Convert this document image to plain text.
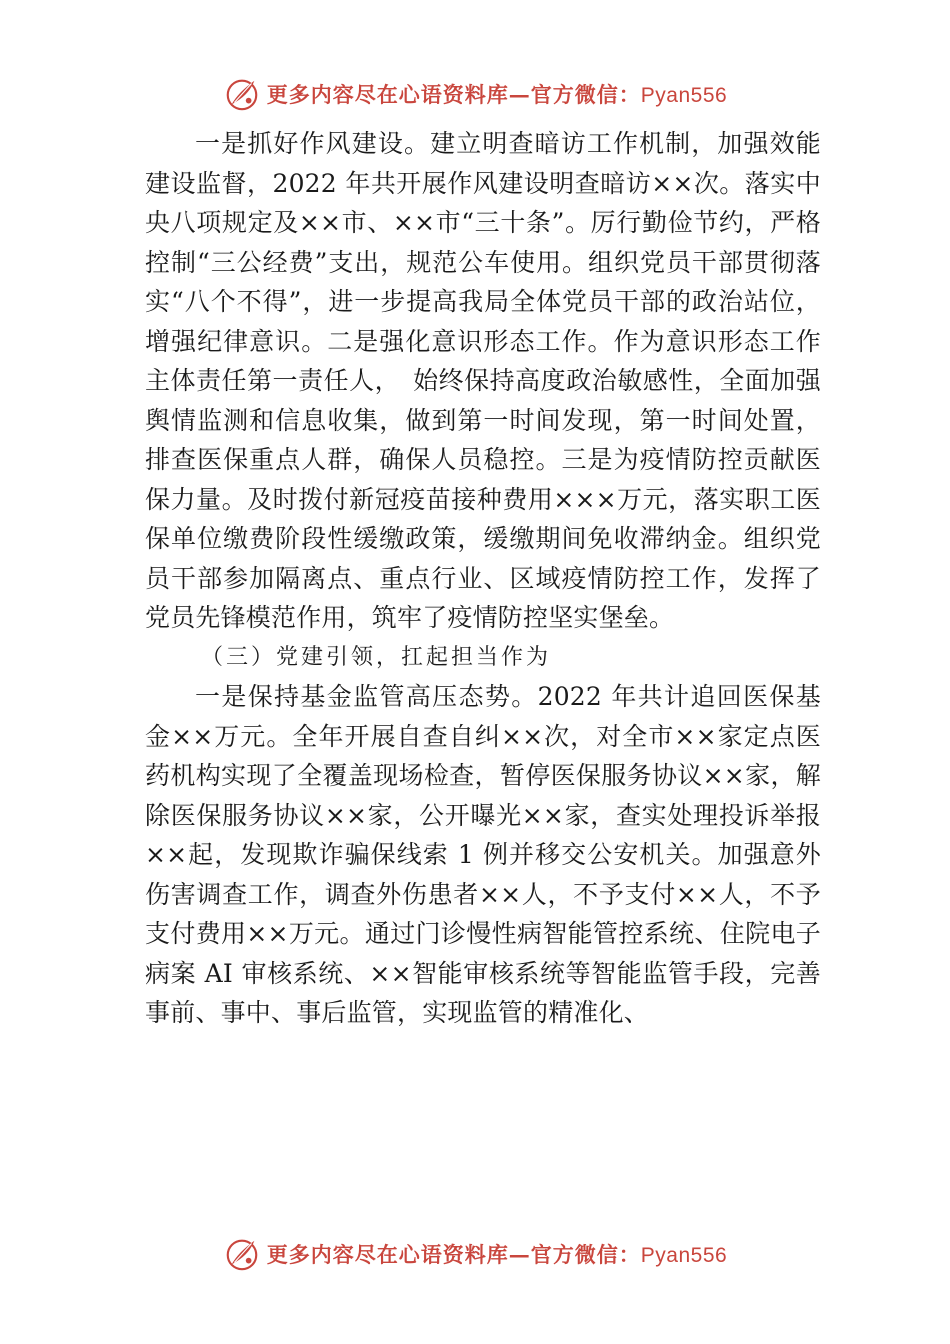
更多内容尽在心语资料库—官方微信：Pyan556

一是抓好作风建设。建立明查暗访工作机制，加强效能建设监督，2022 年共开展作风建设明查暗访××次。落实中央八项规定及××市、××市“三十条”。厉行勤俭节约，严格控制“三公经费”支出，规范公车使用。组织党员干部贯彻落实“八个不得”，进一步提高我局全体党员干部的政治站位，增强纪律意识。二是强化意识形态工作。作为意识形态工作主体责任第一责任人，　始终保持高度政治敏感性，全面加强舆情监测和信息收集，做到第一时间发现，第一时间处置，排查医保重点人群，确保人员稳控。三是为疫情防控贡献医保力量。及时拨付新冠疫苗接种费用×××万元，落实职工医保单位缴费阶段性缓缴政策，缓缴期间免收滞纳金。组织党员干部参加隔离点、重点行业、区域疫情防控工作，发挥了党员先锋模范作用，筑牢了疫情防控坚实堡垒。

（三）党建引领，扛起担当作为

一是保持基金监管高压态势。2022 年共计追回医保基金××万元。全年开展自查自纠××次，对全市××家定点医药机构实现了全覆盖现场检查，暂停医保服务协议××家，解除医保服务协议××家，公开曝光××家，查实处理投诉举报××起，发现欺诈骗保线索 1 例并移交公安机关。加强意外伤害调查工作，调查外伤患者××人，不予支付××人，不予支付费用××万元。通过门诊慢性病智能管控系统、住院电子病案 AI 审核系统、××智能审核系统等智能监管手段，完善事前、事中、事后监管，实现监管的精准化、

更多内容尽在心语资料库—官方微信：Pyan556
